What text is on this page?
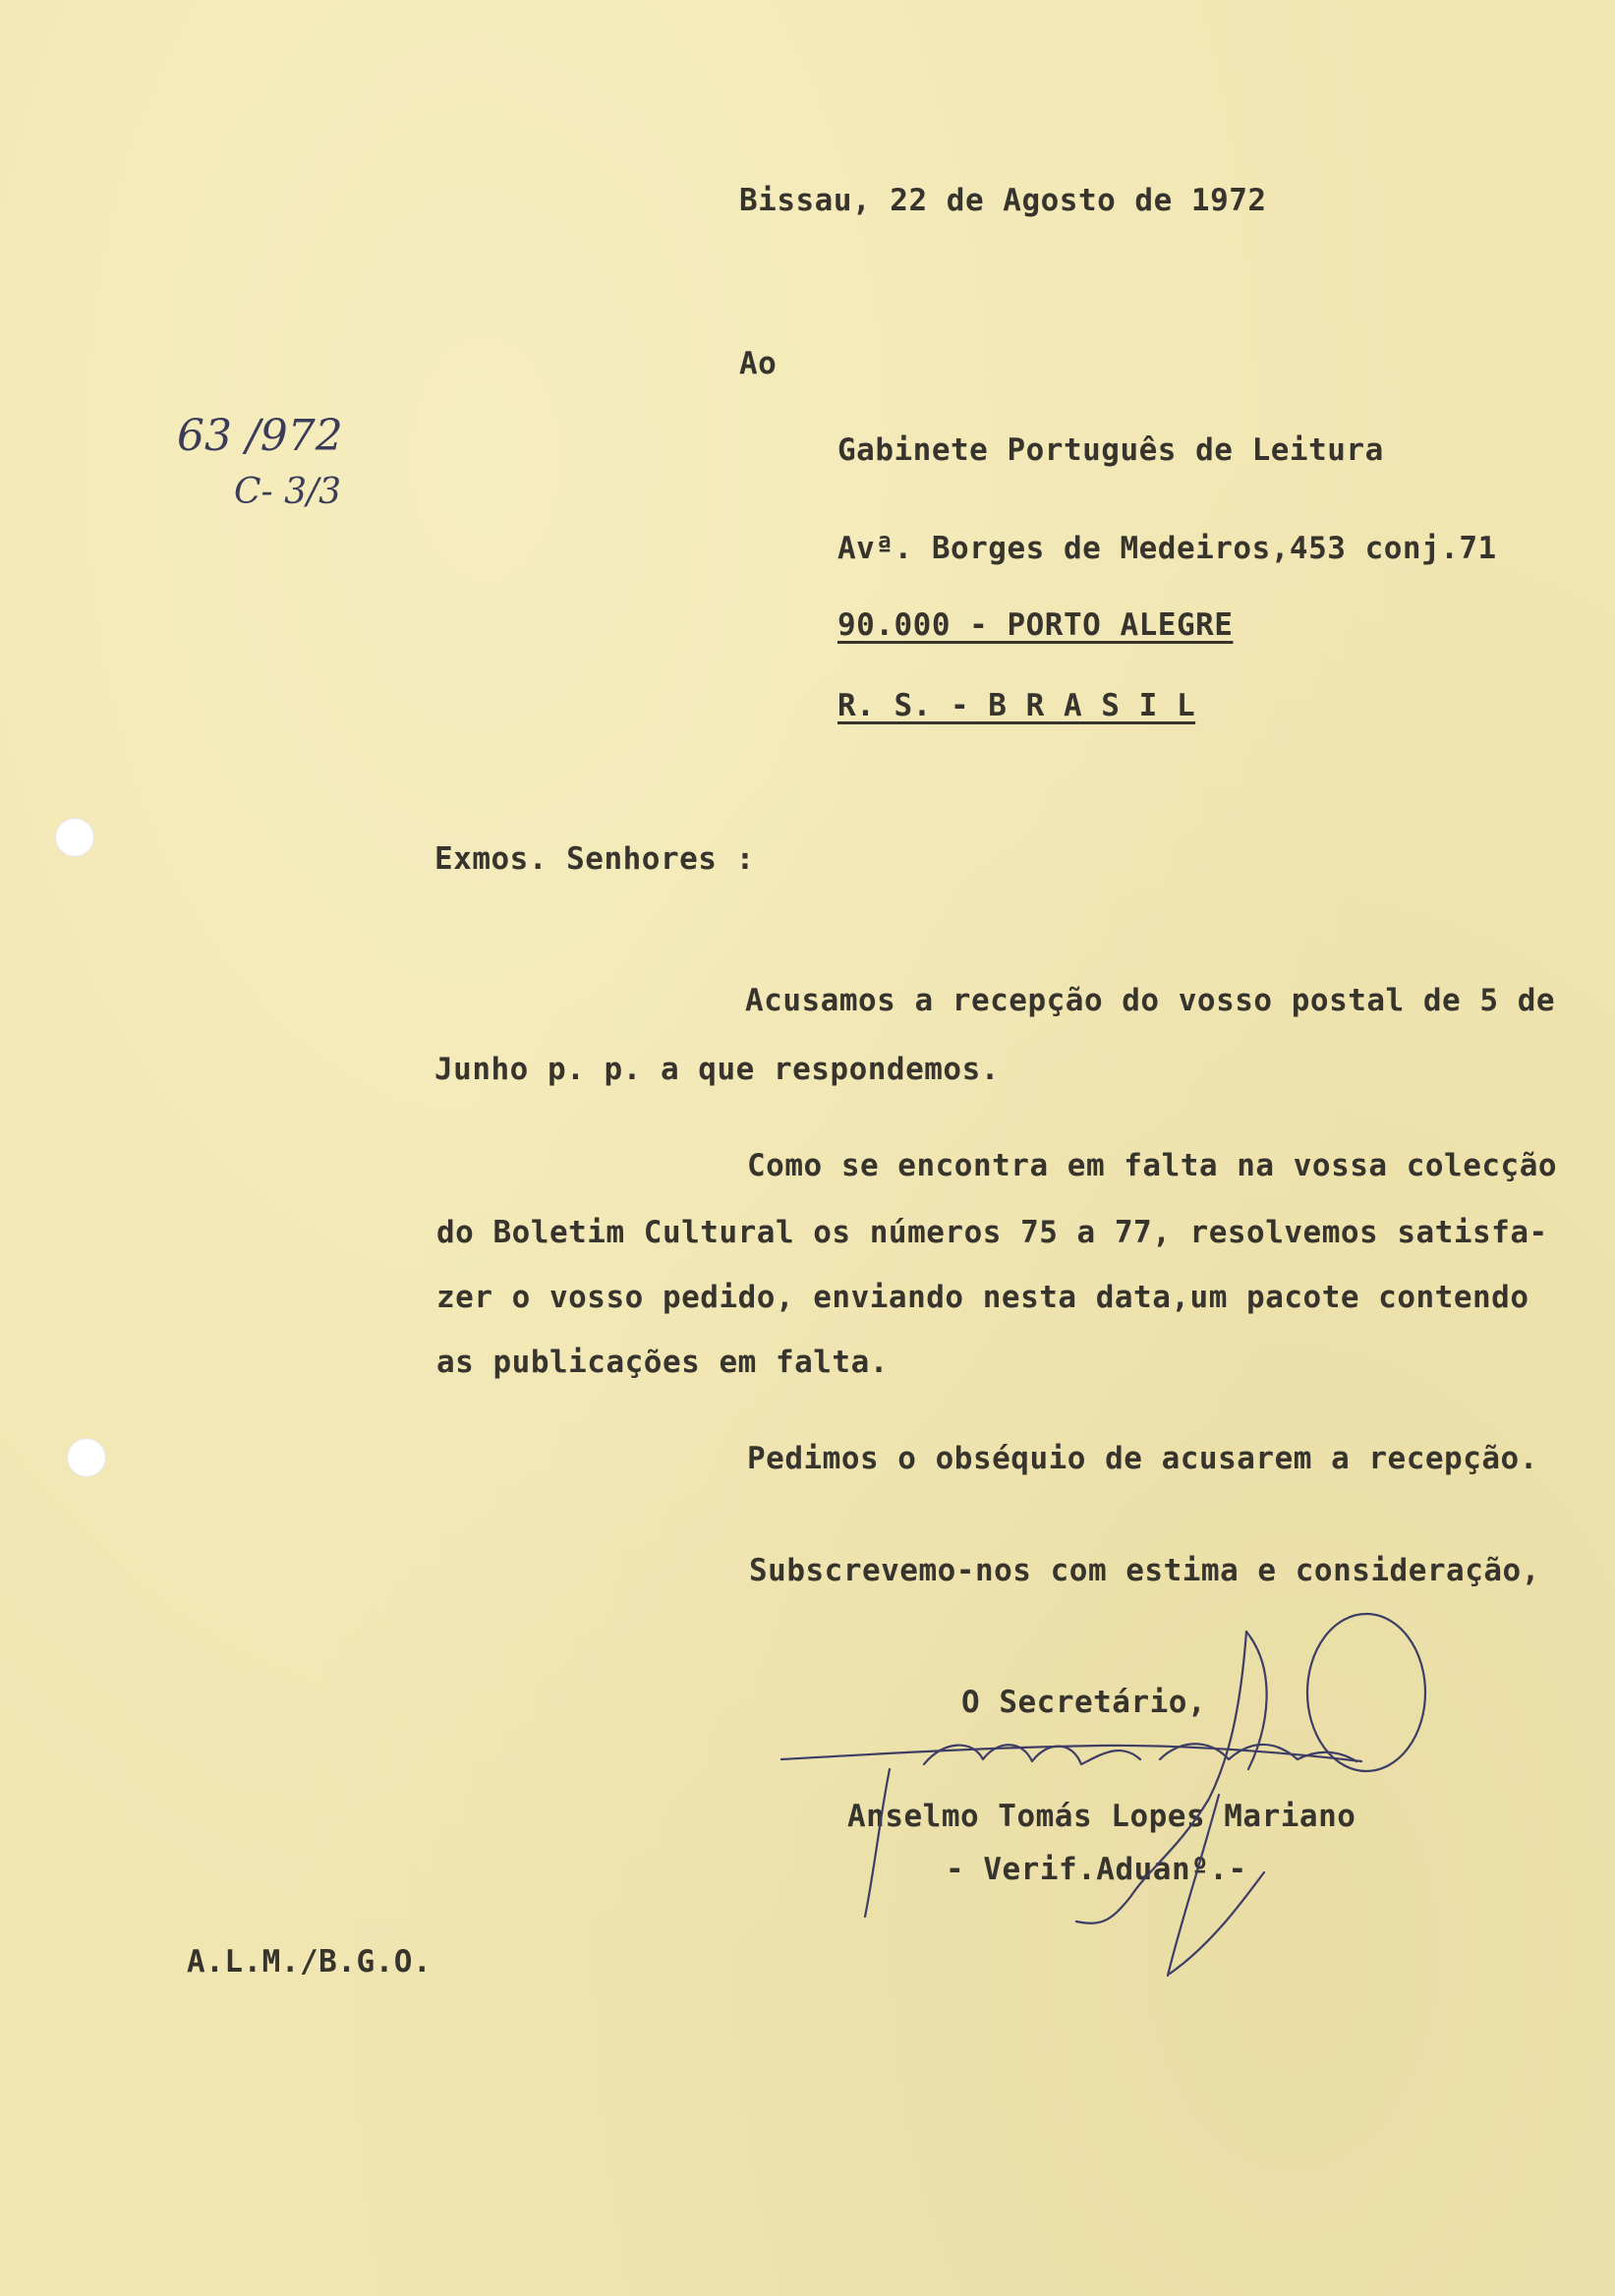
Bissau, 22 de Agosto de 1972
63 /972
C- 3/3
Ao
Gabinete Português de Leitura
Avª. Borges de Medeiros,453 conj.71
90.000 - PORTO ALEGRE
R. S. - B R A S I L
Exmos. Senhores :
Acusamos a recepção do vosso postal de 5 de
Junho p. p. a que respondemos.
Como se encontra em falta na vossa colecção
do Boletim Cultural os números 75 a 77, resolvemos satisfa-
zer o vosso pedido, enviando nesta data,um pacote contendo
as publicações em falta.
Pedimos o obséquio de acusarem a recepção.
Subscrevemo-nos com estima e consideração,
O Secretário,
Anselmo Tomás Lopes Mariano
- Verif.Aduanº.-
A.L.M./B.G.O.
